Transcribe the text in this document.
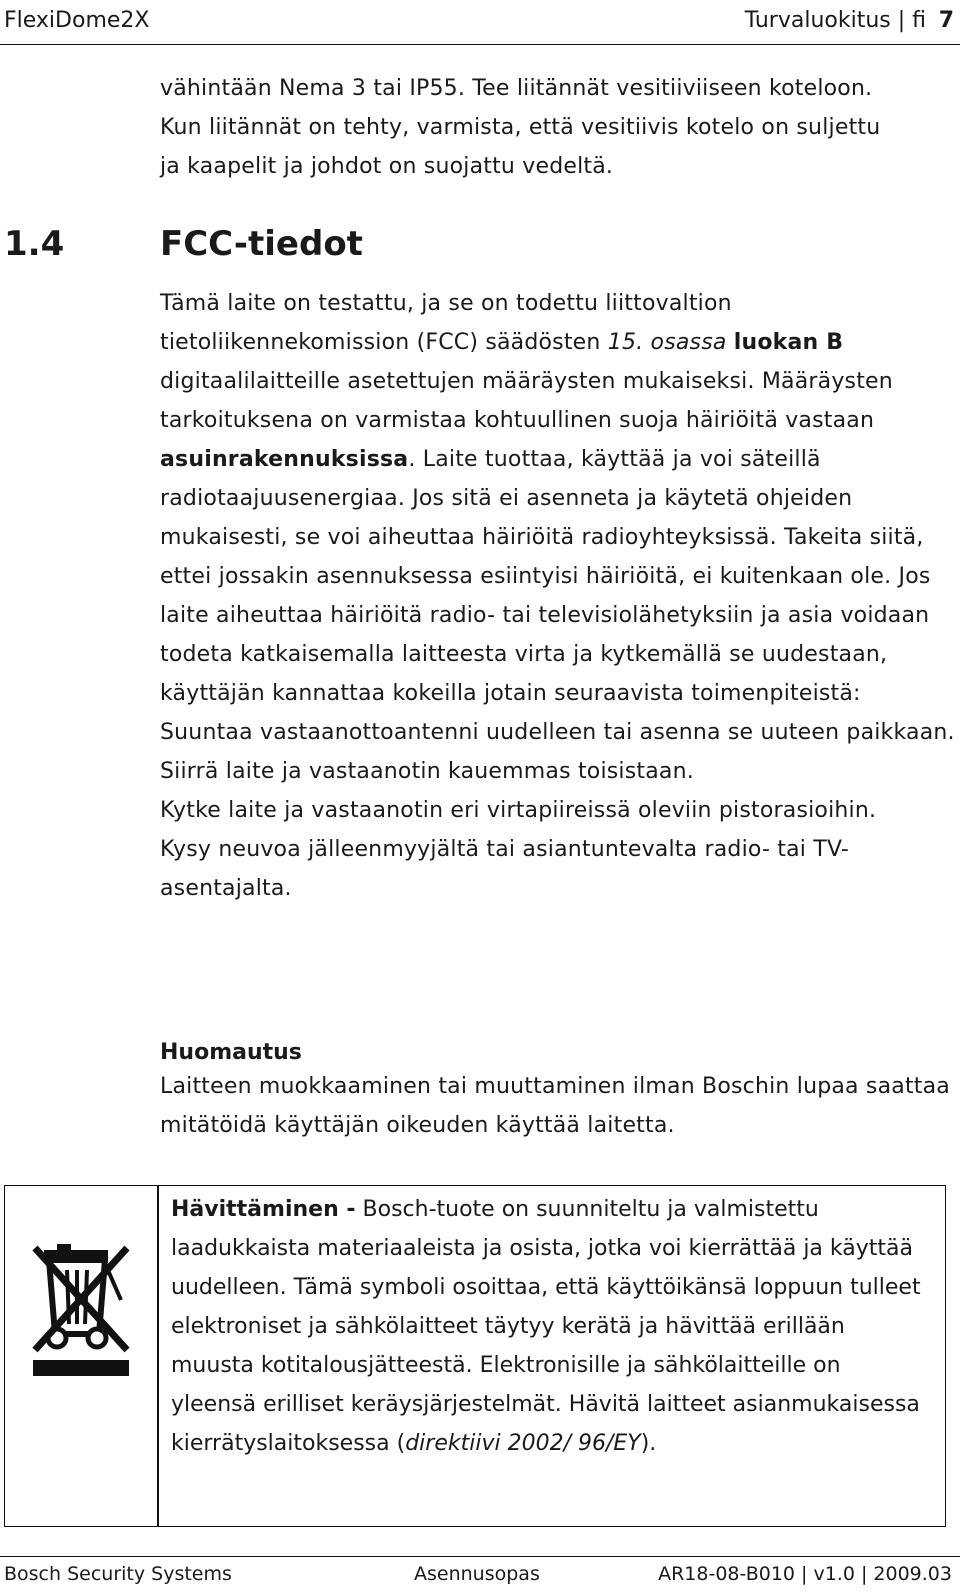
FlexiDome2X	Turvaluokitus | fi 7
vähintään Nema 3 tai IP55. Tee liitännät vesitiiviiseen koteloon.
Kun liitännät on tehty, varmista, että vesitiivis kotelo on suljettu
ja kaapelit ja johdot on suojattu vedeltä.
1.4	FCC-tiedot
Tämä laite on testattu, ja se on todettu liittovaltion tietoliikennekomission (FCC) säädösten 15. osassa luokan B digitaalilaitteille asetettujen määräysten mukaiseksi. Määräysten tarkoituksena on varmistaa kohtuullinen suoja häiriöitä vastaan asuinrakennuksissa. Laite tuottaa, käyttää ja voi säteillä radiotaajuusenergiaa. Jos sitä ei asenneta ja käytetä ohjeiden mukaisesti, se voi aiheuttaa häiriöitä radioyhteyksissä. Takeita siitä, ettei jossakin asennuksessa esiintyisi häiriöitä, ei kuitenkaan ole. Jos laite aiheuttaa häiriöitä radio- tai televisiolähetyksiin ja asia voidaan todeta katkaisemalla laitteesta virta ja kytkemällä se uudestaan, käyttäjän kannattaa kokeilla jotain seuraavista toimenpiteistä:
Suuntaa vastaanottoantenni uudelleen tai asenna se uuteen paikkaan.
Siirrä laite ja vastaanotin kauemmas toisistaan.
Kytke laite ja vastaanotin eri virtapiireissä oleviin pistorasioihin.
Kysy neuvoa jälleenmyyjältä tai asiantuntevalta radio- tai TV-asentajalta.
Huomautus
Laitteen muokkaaminen tai muuttaminen ilman Boschin lupaa saattaa mitätöidä käyttäjän oikeuden käyttää laitetta.
Hävittäminen - Bosch-tuote on suunniteltu ja valmistettu laadukkaista materiaaleista ja osista, jotka voi kierrättää ja käyttää uudelleen. Tämä symboli osoittaa, että käyttöikänsä loppuun tulleet elektroniset ja sähkölaitteet täytyy kerätä ja hävittää erillään muusta kotitalousjätteestä. Elektronisille ja sähkölaitteille on yleensä erilliset keräysjärjestelmät. Hävitä laitteet asianmukaisessa kierrätyslaitoksessa (direktiivi 2002/ 96/EY).
Bosch Security Systems	Asennusopas	AR18-08-B010 | v1.0 | 2009.03
